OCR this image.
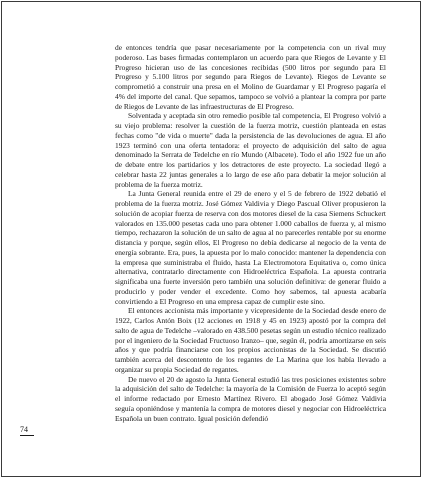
de entonces tendría que pasar necesariamente por la competencia con un rival muy poderoso. Las bases firmadas contemplaron un acuerdo para que Riegos de Levante y El Progreso hicieran uso de las concesiones recibidas (500 litros por segundo para El Progreso y 5.100 litros por segundo para Riegos de Levante). Riegos de Levante se comprometió a construir una presa en el Molino de Guardamar y El Progreso pagaría el 4% del importe del canal. Que sepamos, tampoco se volvió a plantear la compra por parte de Riegos de Levante de las infraestructuras de El Progreso.

Solventada y aceptada sin otro remedio posible tal competencia, El Progreso volvió a su viejo problema: resolver la cuestión de la fuerza motriz, cuestión planteada en estas fechas como "de vida o muerte" dada la persistencia de las devoluciones de agua. El año 1923 terminó con una oferta tentadora: el proyecto de adquisición del salto de agua denominado la Serrata de Tedelche en río Mundo (Albacete). Todo el año 1922 fue un año de debate entre los partidarios y los detractores de este proyecto. La sociedad llegó a celebrar hasta 22 juntas generales a lo largo de ese año para debatir la mejor solución al problema de la fuerza motriz.

La Junta General reunida entre el 29 de enero y el 5 de febrero de 1922 debatió el problema de la fuerza motriz. José Gómez Valdivia y Diego Pascual Oliver propusieron la solución de acopiar fuerza de reserva con dos motores diesel de la casa Siemens Schuckert valorados en 135.000 pesetas cada uno para obtener 1.000 caballos de fuerza y, al mismo tiempo, rechazaron la solución de un salto de agua al no parecerles rentable por su enorme distancia y porque, según ellos, El Progreso no debía dedicarse al negocio de la venta de energía sobrante. Era, pues, la apuesta por lo malo conocido: mantener la dependencia con la empresa que suministraba el fluido, hasta La Electromotora Equitativa o, como única alternativa, contratarlo directamente con Hidroeléctrica Española. La apuesta contraria significaba una fuerte inversión pero también una solución definitiva: de generar fluido a producirlo y poder vender el excedente. Como hoy sabemos, tal apuesta acabaría convirtiendo a El Progreso en una empresa capaz de cumplir este sino.

El entonces accionista más importante y vicepresidente de la Sociedad desde enero de 1922, Carlos Antón Boix (12 acciones en 1918 y 45 en 1923) apostó por la compra del salto de agua de Tedelche –valorado en 438.500 pesetas según un estudio técnico realizado por el ingeniero de la Sociedad Fructuoso Iranzo– que, según él, podría amortizarse en seis años y que podría financiarse con los propios accionistas de la Sociedad. Se discutió también acerca del descontento de los regantes de La Marina que los había llevado a organizar su propia Sociedad de regantes.

De nuevo el 20 de agosto la Junta General estudió las tres posiciones existentes sobre la adquisición del salto de Tedelche: la mayoría de la Comisión de Fuerza lo aceptó según el informe redactado por Ernesto Martínez Rivero. El abogado José Gómez Valdivia seguía oponiéndose y mantenía la compra de motores diesel y negociar con Hidroeléctrica Española un buen contrato. Igual posición defendió

74
